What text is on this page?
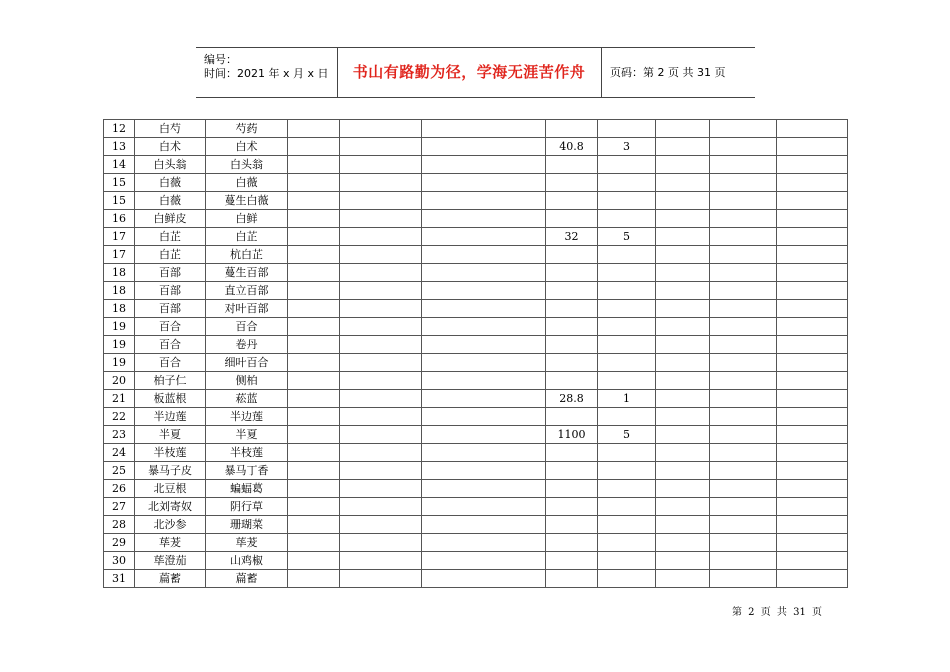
编号：
时间：2021 年 x 月 x 日	书山有路勤为径，学海无涯苦作舟	页码：第 2 页 共 31 页
12	白芍	芍药								
13	白术	白术				40.8	3			
14	白头翁	白头翁								
15	白薇	白薇								
15	白薇	蔓生白薇								
16	白鲜皮	白鲜								
17	白芷	白芷				32	5			
17	白芷	杭白芷								
18	百部	蔓生百部								
18	百部	直立百部								
18	百部	对叶百部								
19	百合	百合								
19	百合	卷丹								
19	百合	细叶百合								
20	柏子仁	侧柏								
21	板蓝根	菘蓝				28.8	1			
22	半边莲	半边莲								
23	半夏	半夏				1100	5			
24	半枝莲	半枝莲								
25	暴马子皮	暴马丁香								
26	北豆根	蝙蝠葛								
27	北刘寄奴	阴行草								
28	北沙参	珊瑚菜								
29	荜茇	荜茇								
30	荜澄茄	山鸡椒								
31	萹蓄	萹蓄								
第 2 页 共 31 页
